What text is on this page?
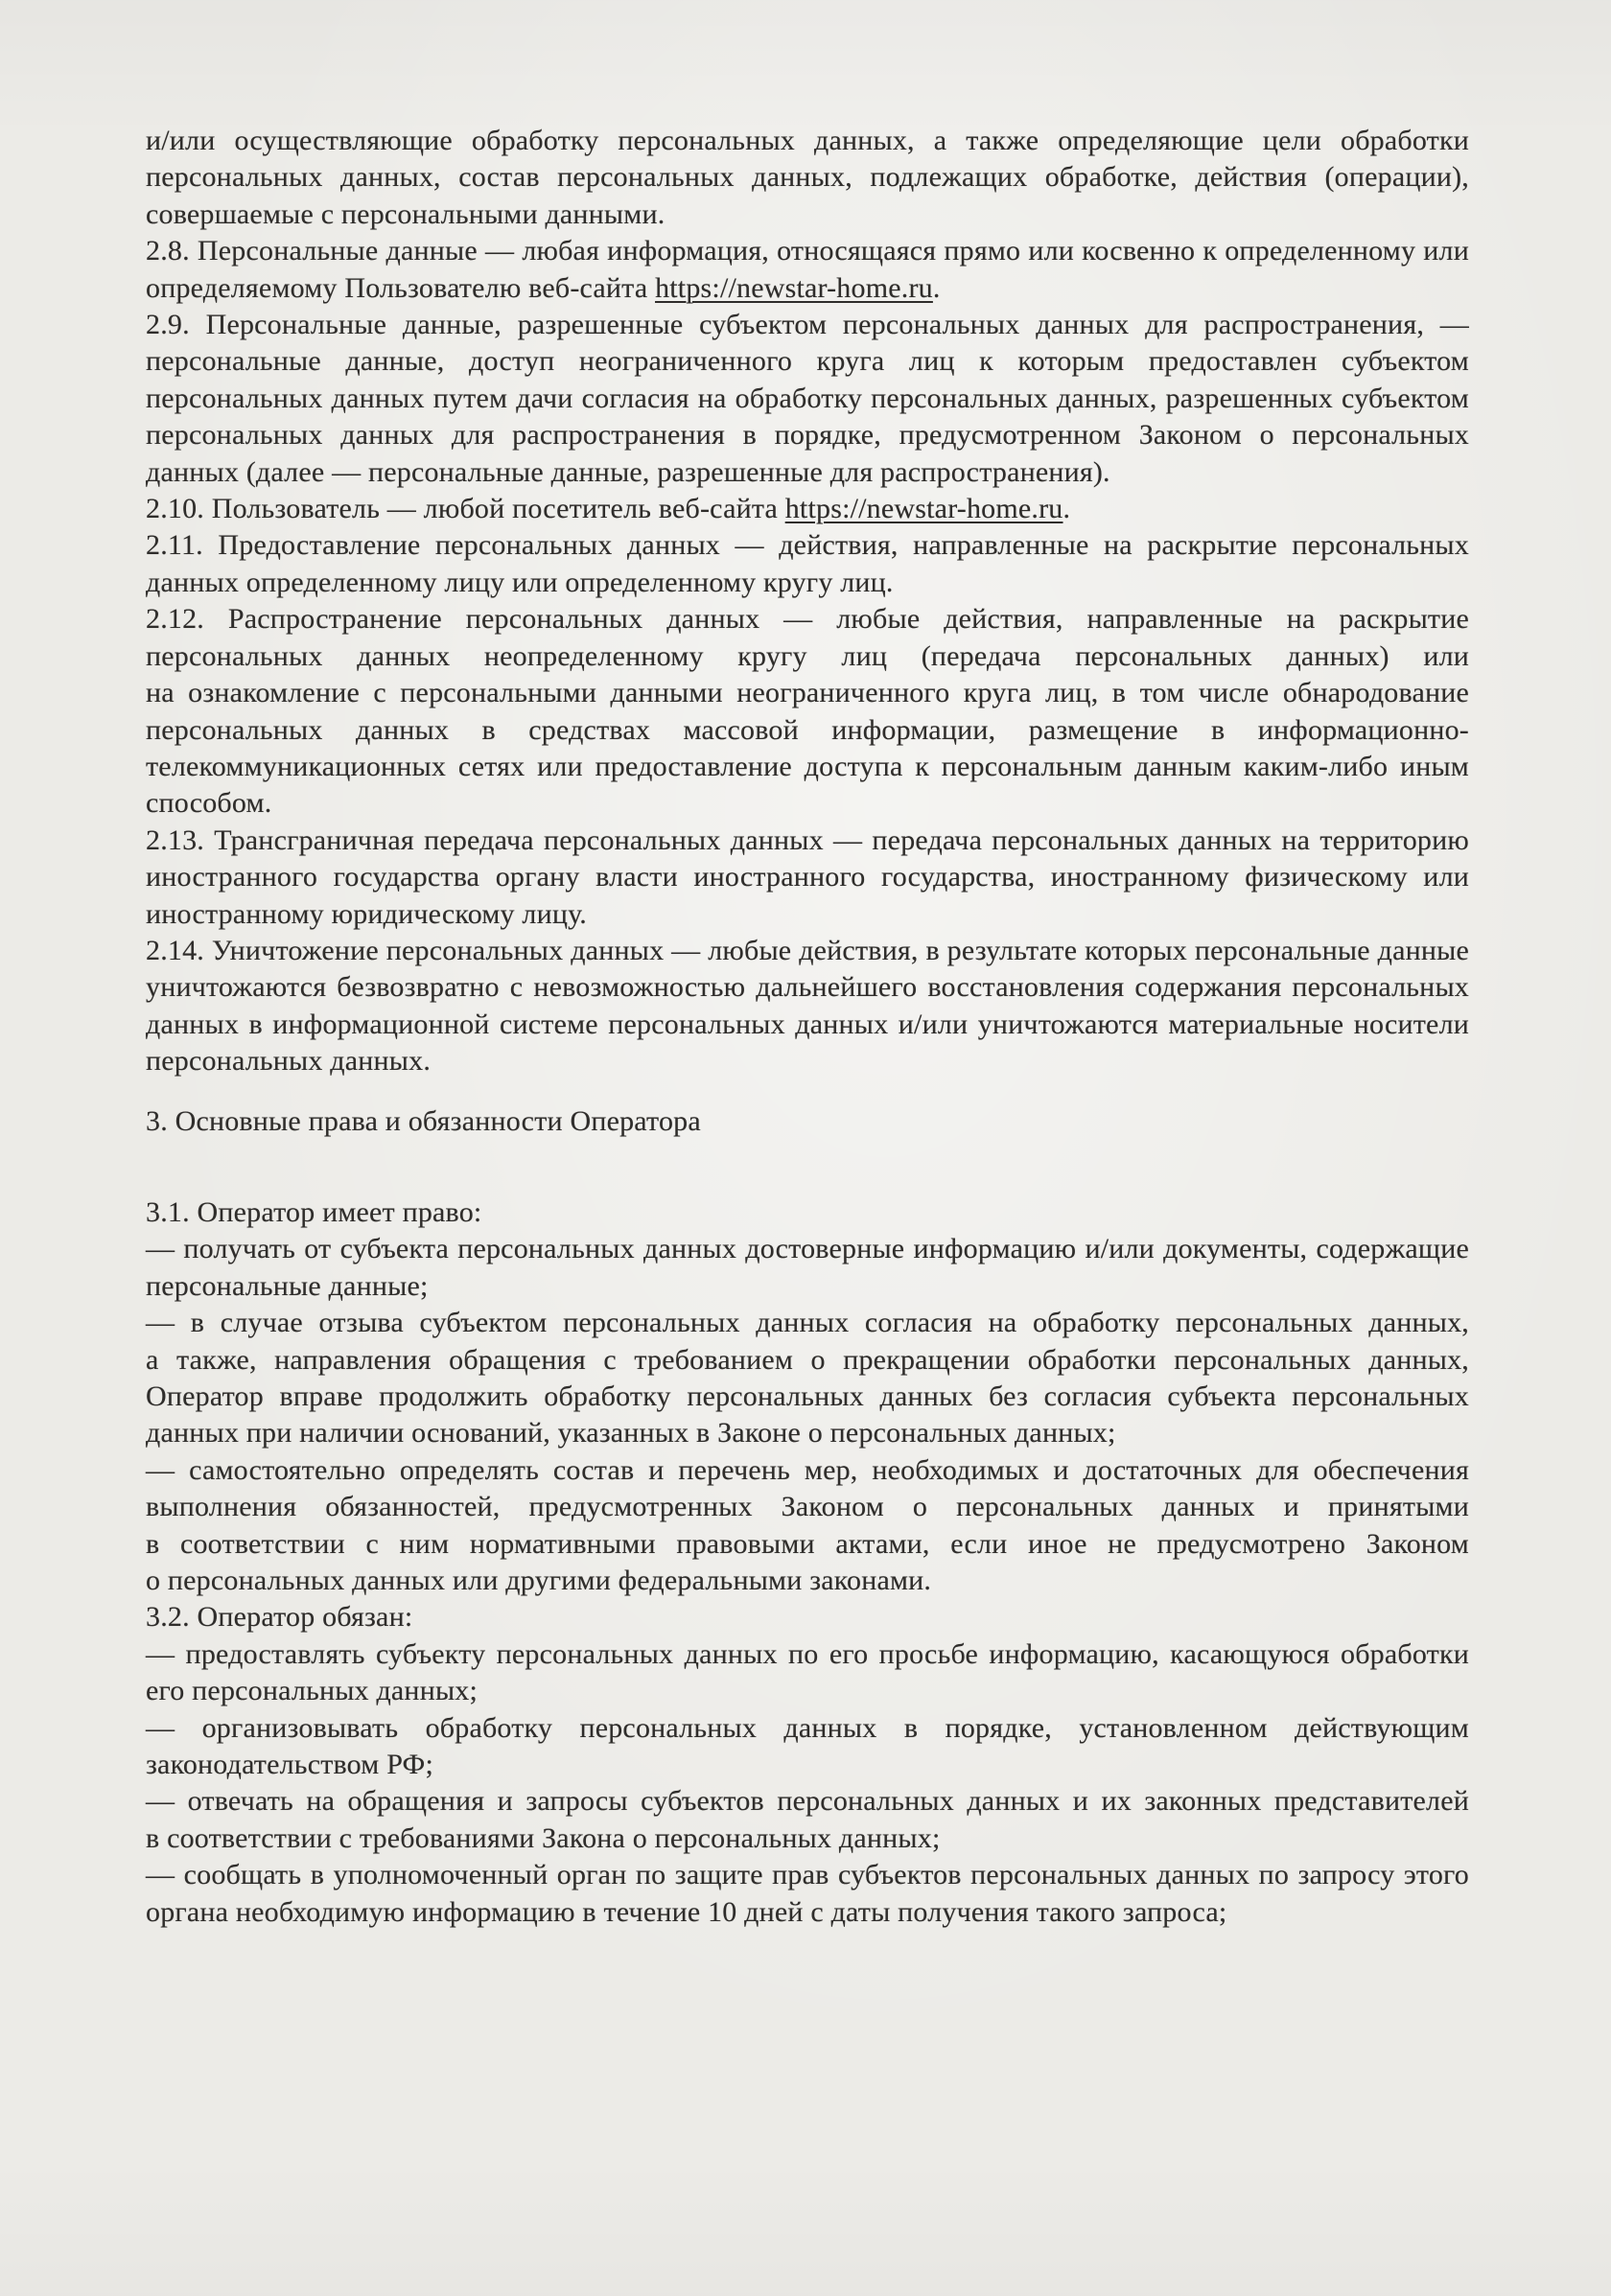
и/или осуществляющие обработку персональных данных, а также определяющие цели обработки персональных данных, состав персональных данных, подлежащих обработке, действия (операции), совершаемые с персональными данными.

2.8. Персональные данные — любая информация, относящаяся прямо или косвенно к определенному или определяемому Пользователю веб-сайта https://newstar-home.ru.

2.9. Персональные данные, разрешенные субъектом персональных данных для распространения, — персональные данные, доступ неограниченного круга лиц к которым предоставлен субъектом персональных данных путем дачи согласия на обработку персональных данных, разрешенных субъектом персональных данных для распространения в порядке, предусмотренном Законом о персональных данных (далее — персональные данные, разрешенные для распространения).

2.10. Пользователь — любой посетитель веб-сайта https://newstar-home.ru.

2.11. Предоставление персональных данных — действия, направленные на раскрытие персональных данных определенному лицу или определенному кругу лиц.

2.12. Распространение персональных данных — любые действия, направленные на раскрытие персональных данных неопределенному кругу лиц (передача персональных данных) или на ознакомление с персональными данными неограниченного круга лиц, в том числе обнародование персональных данных в средствах массовой информации, размещение в информационно-телекоммуникационных сетях или предоставление доступа к персональным данным каким-либо иным способом.

2.13. Трансграничная передача персональных данных — передача персональных данных на территорию иностранного государства органу власти иностранного государства, иностранному физическому или иностранному юридическому лицу.

2.14. Уничтожение персональных данных — любые действия, в результате которых персональные данные уничтожаются безвозвратно с невозможностью дальнейшего восстановления содержания персональных данных в информационной системе персональных данных и/или уничтожаются материальные носители персональных данных.

3. Основные права и обязанности Оператора

3.1. Оператор имеет право:

— получать от субъекта персональных данных достоверные информацию и/или документы, содержащие персональные данные;

— в случае отзыва субъектом персональных данных согласия на обработку персональных данных, а также, направления обращения с требованием о прекращении обработки персональных данных, Оператор вправе продолжить обработку персональных данных без согласия субъекта персональных данных при наличии оснований, указанных в Законе о персональных данных;

— самостоятельно определять состав и перечень мер, необходимых и достаточных для обеспечения выполнения обязанностей, предусмотренных Законом о персональных данных и принятыми в соответствии с ним нормативными правовыми актами, если иное не предусмотрено Законом о персональных данных или другими федеральными законами.

3.2. Оператор обязан:

— предоставлять субъекту персональных данных по его просьбе информацию, касающуюся обработки его персональных данных;

— организовывать обработку персональных данных в порядке, установленном действующим законодательством РФ;

— отвечать на обращения и запросы субъектов персональных данных и их законных представителей в соответствии с требованиями Закона о персональных данных;

— сообщать в уполномоченный орган по защите прав субъектов персональных данных по запросу этого органа необходимую информацию в течение 10 дней с даты получения такого запроса;
